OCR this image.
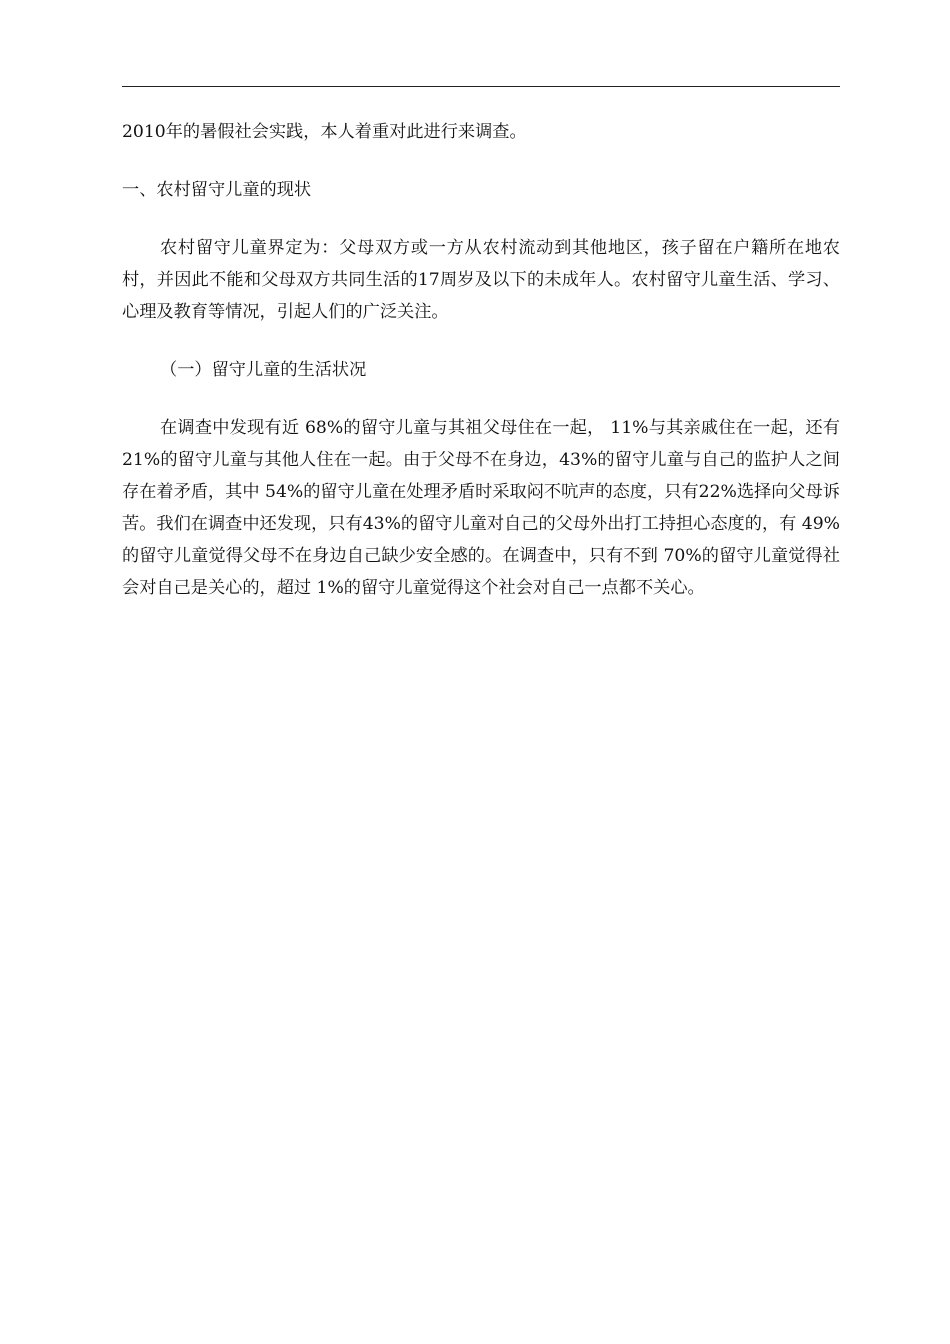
2010年的暑假社会实践，本人着重对此进行来调查。

一、农村留守儿童的现状

农村留守儿童界定为：父母双方或一方从农村流动到其他地区，孩子留在户籍所在地农村，并因此不能和父母双方共同生活的17周岁及以下的未成年人。农村留守儿童生活、学习、心理及教育等情况，引起人们的广泛关注。

（一）留守儿童的生活状况

在调查中发现有近 68%的留守儿童与其祖父母住在一起， 11%与其亲戚住在一起，还有 21%的留守儿童与其他人住在一起。由于父母不在身边，43%的留守儿童与自己的监护人之间存在着矛盾，其中 54%的留守儿童在处理矛盾时采取闷不吭声的态度，只有22%选择向父母诉苦。我们在调查中还发现，只有43%的留守儿童对自己的父母外出打工持担心态度的，有 49%的留守儿童觉得父母不在身边自己缺少安全感的。在调查中，只有不到 70%的留守儿童觉得社会对自己是关心的，超过 1%的留守儿童觉得这个社会对自己一点都不关心。
